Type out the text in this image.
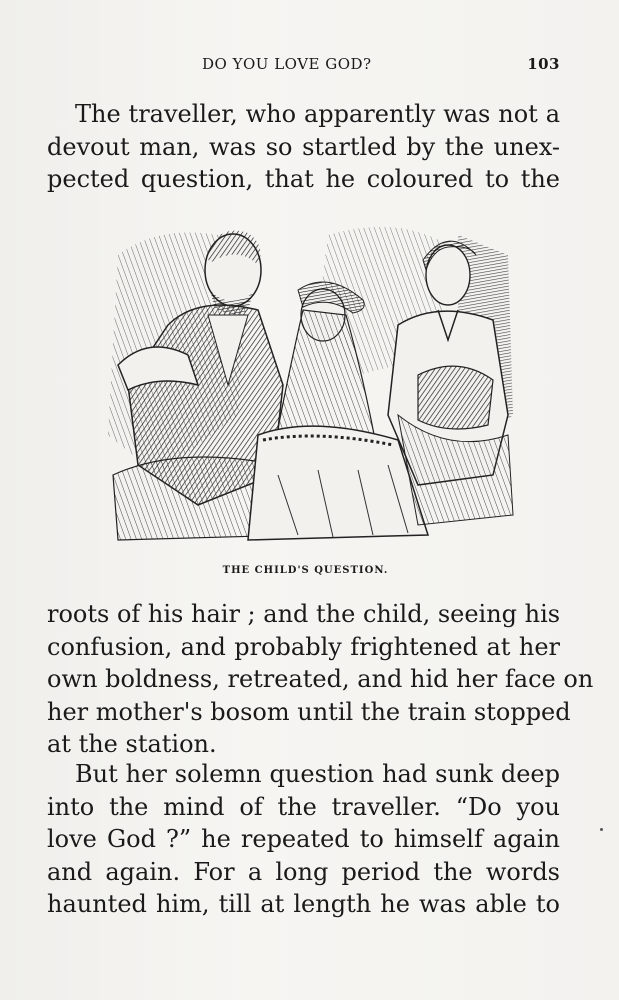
DO YOU LOVE GOD?	103
The traveller, who apparently was not a
devout man, was so startled by the unex-
pected question, that he coloured to the
THE CHILD'S QUESTION.
roots of his hair ; and the child, seeing his
confusion, and probably frightened at her
own boldness, retreated, and hid her face on
her mother's bosom until the train stopped
at the station.
But her solemn question had sunk deep
into the mind of the traveller. “Do you
love God ?” he repeated to himself again
and again. For a long period the words
haunted him, till at length he was able to
